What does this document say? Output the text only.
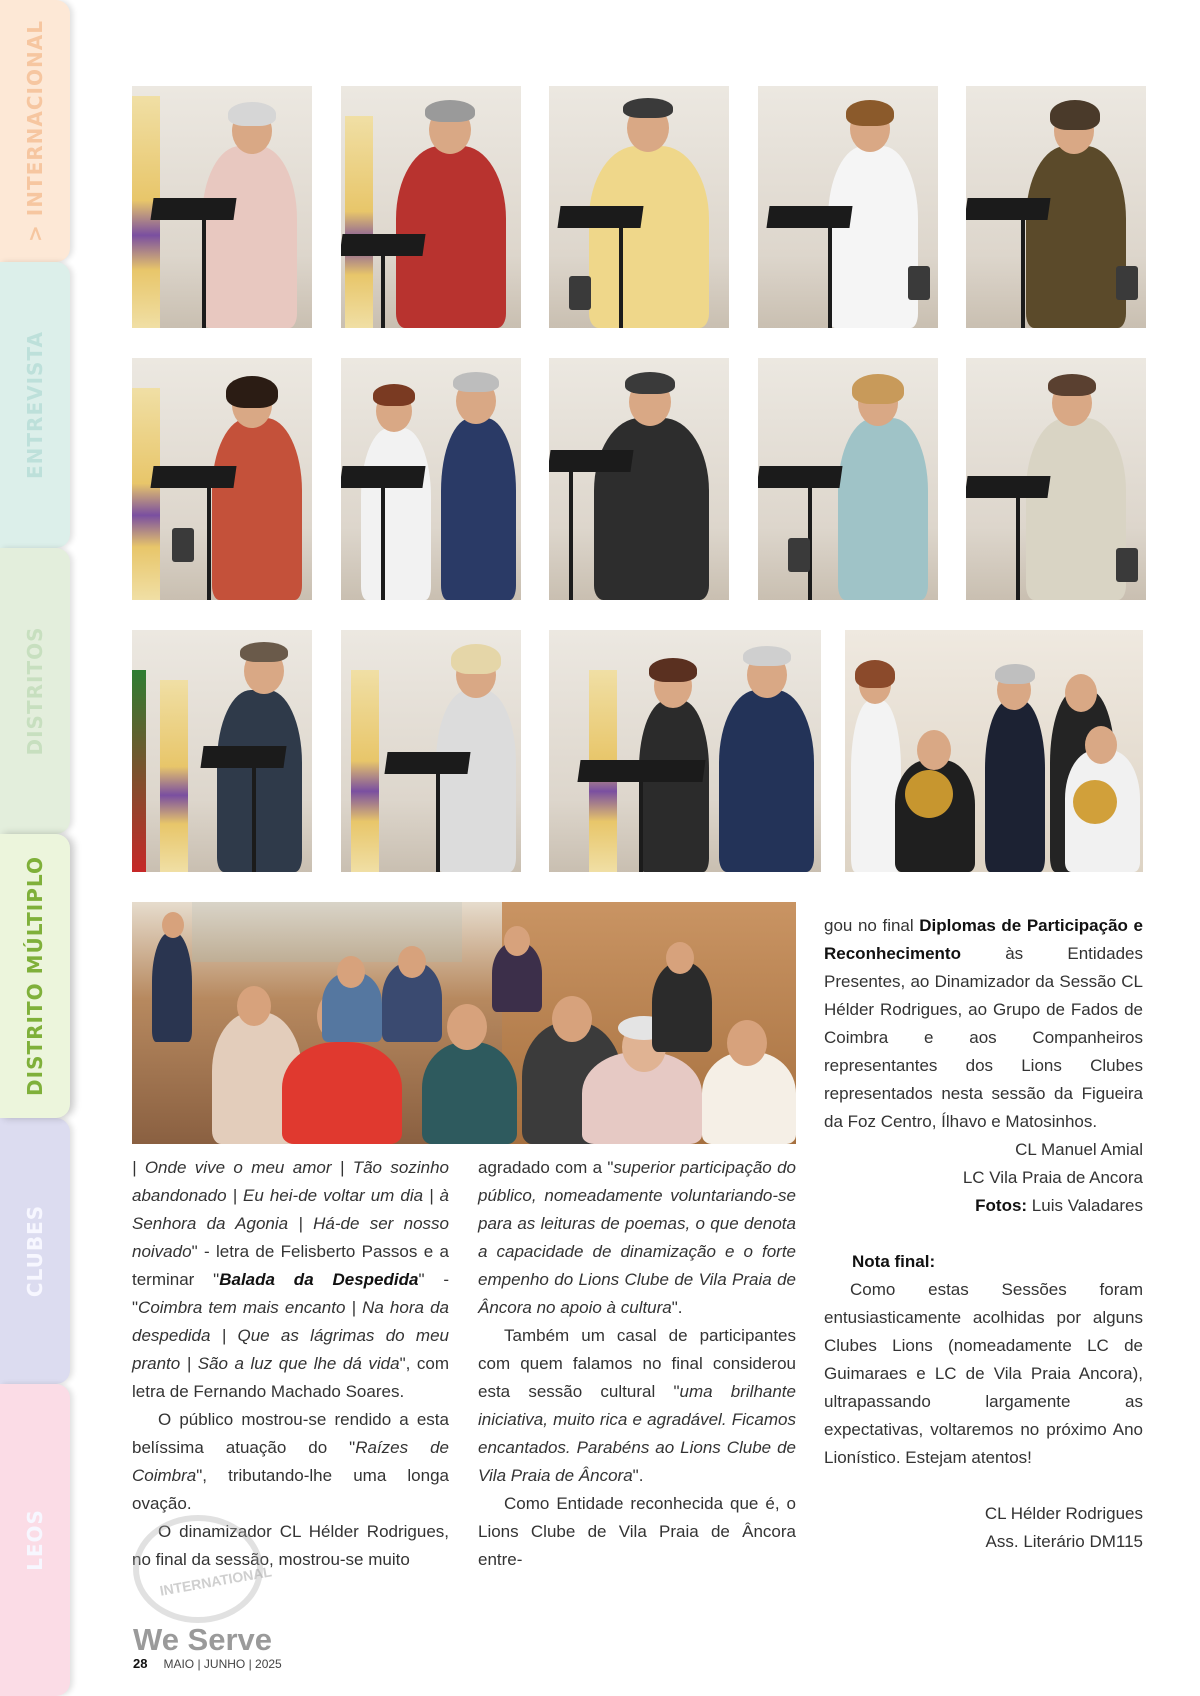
> INTERNACIONAL
ENTREVISTA
DISTRITOS
DISTRITO MÚLTIPLO
CLUBES
LEOS

| Onde vive o meu amor | Tão sozinho abandonado | Eu hei-de voltar um dia | à Senhora da Agonia | Há-de ser nosso noivado" - letra de Felisberto Passos e a terminar "Balada da Despedida" - "Coimbra tem mais encanto | Na hora da despedida | Que as lágrimas do meu pranto | São a luz que lhe dá vida", com letra de Fernando Machado Soares.

O público mostrou-se rendido a esta belíssima atuação do "Raízes de Coimbra", tributando-lhe uma longa ovação.

O dinamizador CL Hélder Rodrigues, no final da sessão, mostrou-se muito

agradado com a "superior participação do público, nomeadamente voluntariando-se para as leituras de poemas, o que denota a capacidade de dinamização e o forte empenho do Lions Clube de Vila Praia de Âncora no apoio à cultura".

Também um casal de participantes com quem falamos no final considerou esta sessão cultural "uma brilhante iniciativa, muito rica e agradável. Ficamos encantados. Parabéns ao Lions Clube de Vila Praia de Âncora".

Como Entidade reconhecida que é, o Lions Clube de Vila Praia de Âncora entre-

gou no final Diplomas de Participação e Reconhecimento às Entidades Presentes, ao Dinamizador da Sessão CL Hélder Rodrigues, ao Grupo de Fados de Coimbra e aos Companheiros representantes dos Lions Clubes representados nesta sessão da Figueira da Foz Centro, Ílhavo e Matosinhos.

CL Manuel Amial

LC Vila Praia de Ancora

Fotos: Luis Valadares

Nota final:

Como estas Sessões foram entusiasticamente acolhidas por alguns Clubes Lions (nomeadamente LC de Guimaraes e LC de Vila Praia Ancora), ultrapassando largamente as expectativas, voltaremos no próximo Ano Lionístico. Estejam atentos!

CL Hélder Rodrigues

Ass. Literário DM115

INTERNATIONAL
We Serve
28 MAIO | JUNHO | 2025
